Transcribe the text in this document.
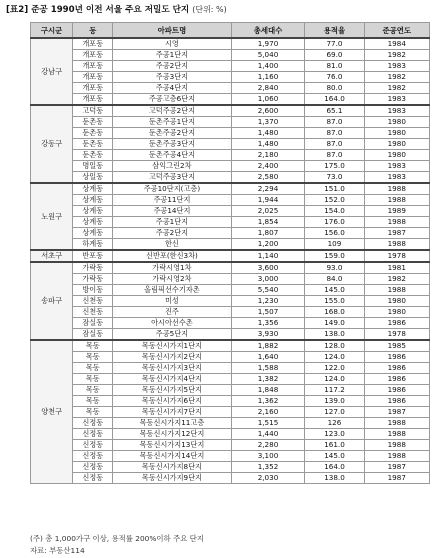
[표2] 준공 1990년 이전 서울 주요 저밀도 단지 (단위: %)
구시군	동	아파트명	총세대수	용적율	준공연도
강남구	개포동	시영	1,970	77.0	1984
	개포동	주공1단지	5,040	69.0	1982
	개포동	주공2단지	1,400	81.0	1983
	개포동	주공3단지	1,160	76.0	1982
	개포동	주공4단지	2,840	80.0	1982
	개포동	주공고층6단지	1,060	164.0	1983
강동구	고덕동	고덕주공2단지	2,600	65.1	1983
	둔촌동	둔촌주공1단지	1,370	87.0	1980
	둔촌동	둔촌주공2단지	1,480	87.0	1980
	둔촌동	둔촌주공3단지	1,480	87.0	1980
	둔촌동	둔촌주공4단지	2,180	87.0	1980
	명일동	삼익그린2차	2,400	175.0	1983
	상일동	고덕주공3단지	2,580	73.0	1983
노원구	상계동	주공10단지(고층)	2,294	151.0	1988
	상계동	주공11단지	1,944	152.0	1988
	상계동	주공14단지	2,025	154.0	1989
	상계동	주공1단지	1,854	176.0	1988
	상계동	주공2단지	1,807	156.0	1987
	하계동	한신	1,200	109	1988
서초구	반포동	신반포(한신3차)	1,140	159.0	1978
송파구	가락동	가락시영1차	3,600	93.0	1981
	가락동	가락시영2차	3,000	84.0	1982
	방이동	올림픽선수기자촌	5,540	145.0	1988
	신천동	미성	1,230	155.0	1980
	신천동	진주	1,507	168.0	1980
	잠실동	아시아선수촌	1,356	149.0	1986
	잠실동	주공5단지	3,930	138.0	1978
양천구	목동	목동신시가지1단지	1,882	128.0	1985
	목동	목동신시가지2단지	1,640	124.0	1986
	목동	목동신시가지3단지	1,588	122.0	1986
	목동	목동신시가지4단지	1,382	124.0	1986
	목동	목동신시가지5단지	1,848	117.2	1986
	목동	목동신시가지6단지	1,362	139.0	1986
	목동	목동신시가지7단지	2,160	127.0	1987
	신정동	목동신시가지11고층	1,515	126	1988
	신정동	목동신시가지12단지	1,440	123.0	1988
	신정동	목동신시가지13단지	2,280	161.0	1988
	신정동	목동신시가지14단지	3,100	145.0	1988
	신정동	목동신시가지8단지	1,352	164.0	1987
	신정동	목동신시가지9단지	2,030	138.0	1987
(주) 총 1,000가구 이상, 용적률 200%이하 주요 단지
자료: 부동산114
